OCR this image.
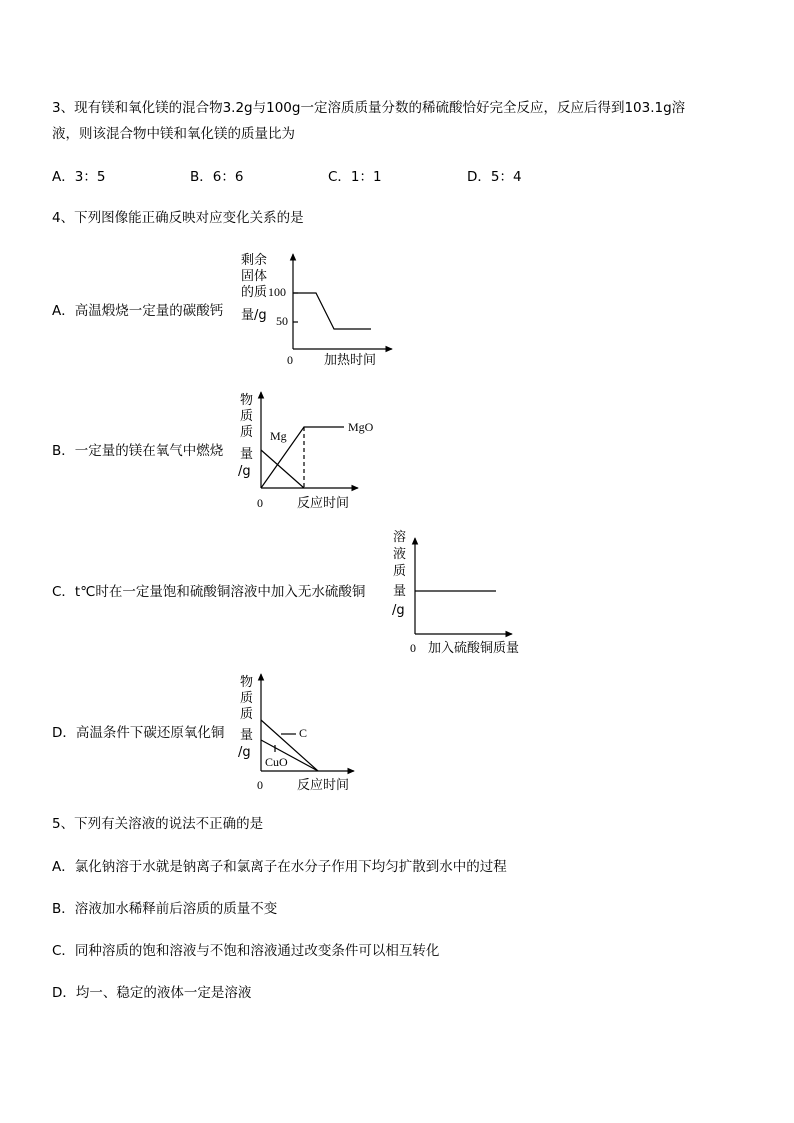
3、现有镁和氧化镁的混合物3.2g与100g一定溶质质量分数的稀硫酸恰好完全反应，反应后得到103.1g溶
液，则该混合物中镁和氧化镁的质量比为
A．3：5	B．6：6	C．1：1	D．5：4
4、下列图像能正确反映对应变化关系的是
A．高温煅烧一定量的碳酸钙
剩余
固体
的质
量/g
100
50
0 加热时间
B．一定量的镁在氧气中燃烧
物
质
质
量
/g
Mg
MgO
0	反应时间
C．t℃时在一定量饱和硫酸铜溶液中加入无水硫酸铜
溶
液
质
量
/g
0 加入硫酸铜质量
D．高温条件下碳还原氧化铜
物
质
质
量
/g
C
CuO
0	反应时间
5、下列有关溶液的说法不正确的是
A．氯化钠溶于水就是钠离子和氯离子在水分子作用下均匀扩散到水中的过程
B．溶液加水稀释前后溶质的质量不变
C．同种溶质的饱和溶液与不饱和溶液通过改变条件可以相互转化
D．均一、稳定的液体一定是溶液
